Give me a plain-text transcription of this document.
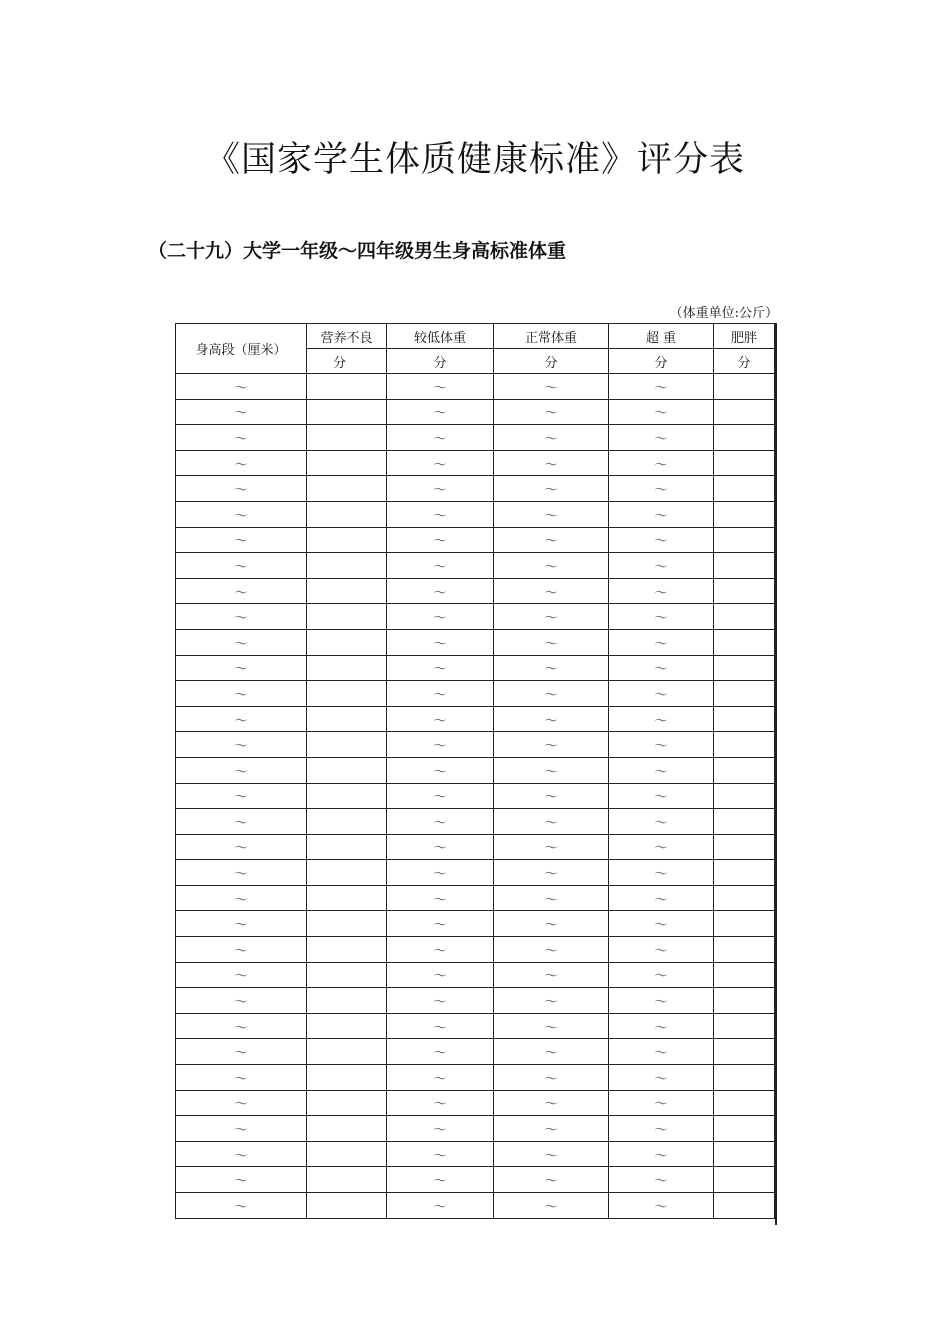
《国家学生体质健康标准》评分表
（二十九）大学一年级～四年级男生身高标准体重
（体重单位:公斤）
身高段（厘米）	营养不良	较低体重	正常体重	超 重	肥胖
	分	分	分	分	分
～		～	～	～	
～		～	～	～	
～		～	～	～	
～		～	～	～	
～		～	～	～	
～		～	～	～	
～		～	～	～	
～		～	～	～	
～		～	～	～	
～		～	～	～	
～		～	～	～	
～		～	～	～	
～		～	～	～	
～		～	～	～	
～		～	～	～	
～		～	～	～	
～		～	～	～	
～		～	～	～	
～		～	～	～	
～		～	～	～	
～		～	～	～	
～		～	～	～	
～		～	～	～	
～		～	～	～	
～		～	～	～	
～		～	～	～	
～		～	～	～	
～		～	～	～	
～		～	～	～	
～		～	～	～	
～		～	～	～	
～		～	～	～	
～		～	～	～	
